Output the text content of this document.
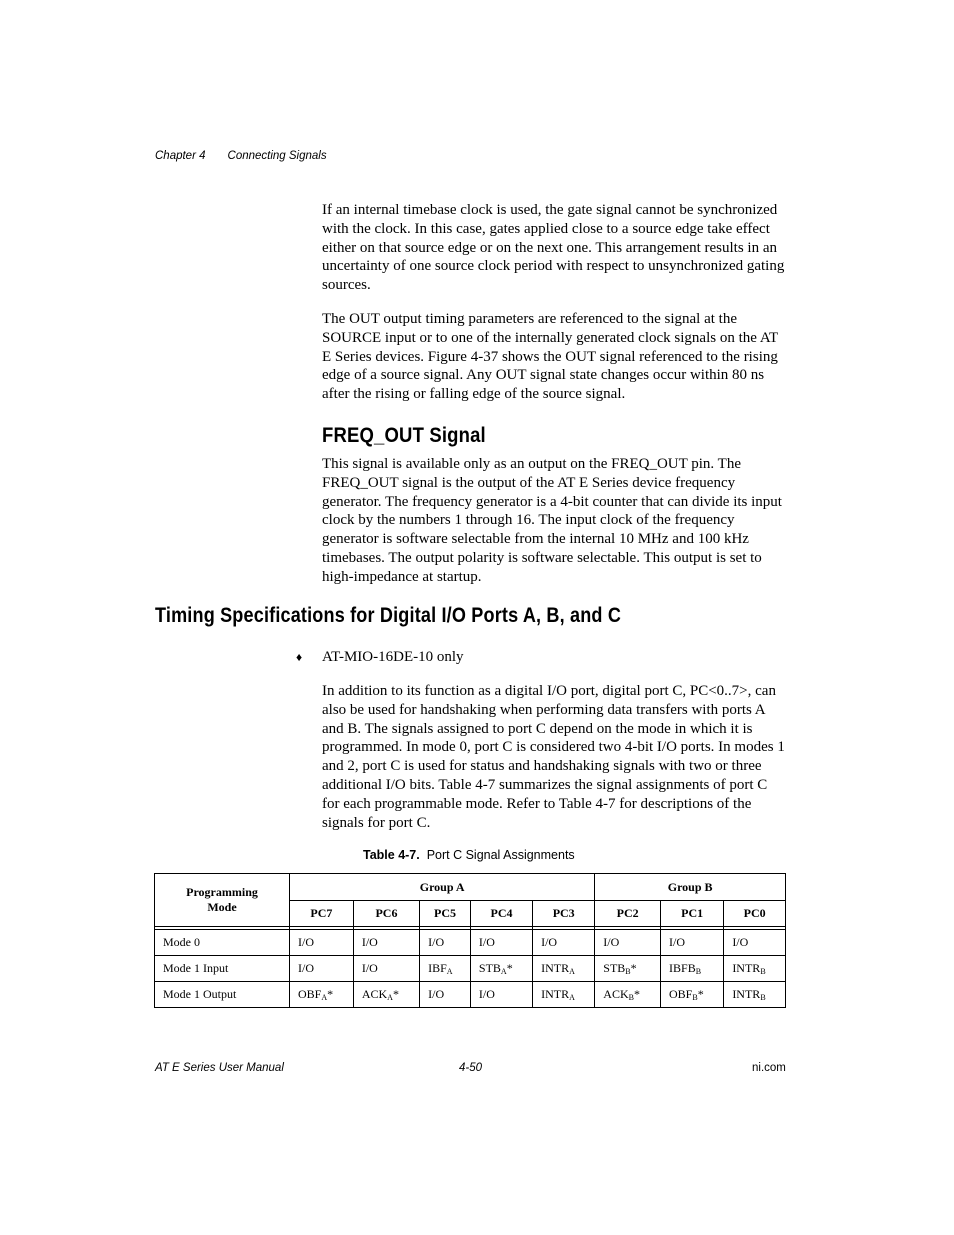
Chapter 4 Connecting Signals

If an internal timebase clock is used, the gate signal cannot be synchronized with the clock. In this case, gates applied close to a source edge take effect either on that source edge or on the next one. This arrangement results in an uncertainty of one source clock period with respect to unsynchronized gating sources.

The OUT output timing parameters are referenced to the signal at the SOURCE input or to one of the internally generated clock signals on the AT E Series devices. Figure 4-37 shows the OUT signal referenced to the rising edge of a source signal. Any OUT signal state changes occur within 80 ns after the rising or falling edge of the source signal.

FREQ_OUT Signal

This signal is available only as an output on the FREQ_OUT pin. The FREQ_OUT signal is the output of the AT E Series device frequency generator. The frequency generator is a 4-bit counter that can divide its input clock by the numbers 1 through 16. The input clock of the frequency generator is software selectable from the internal 10 MHz and 100 kHz timebases. The output polarity is software selectable. This output is set to high-impedance at startup.

Timing Specifications for Digital I/O Ports A, B, and C
♦ AT-MIO-16DE-10 only

In addition to its function as a digital I/O port, digital port C, PC<0..7>, can also be used for handshaking when performing data transfers with ports A and B. The signals assigned to port C depend on the mode in which it is programmed. In mode 0, port C is considered two 4-bit I/O ports. In modes 1 and 2, port C is used for status and handshaking signals with two or three additional I/O bits. Table 4-7 summarizes the signal assignments of port C for each programmable mode. Refer to Table 4-7 for descriptions of the signals for port C.

Table 4-7. Port C Signal Assignments
Programming
Mode	Group A					Group B		
	PC7	PC6	PC5	PC4	PC3	PC2	PC1	PC0

Mode 0	I/O	I/O	I/O	I/O	I/O	I/O	I/O	I/O
Mode 1 Input	I/O	I/O	$IBF_A$	$STB_A*$	$INTR_A$	$STB_B*$	$IBFB_B$	$INTR_B$
Mode 1 Output	$OBF_A*$	$ACK_A*$	I/O	I/O	$INTR_A$	$ACK_B*$	$OBF_B*$	$INTR_B$
AT E Series User Manual	4-50	ni.com
